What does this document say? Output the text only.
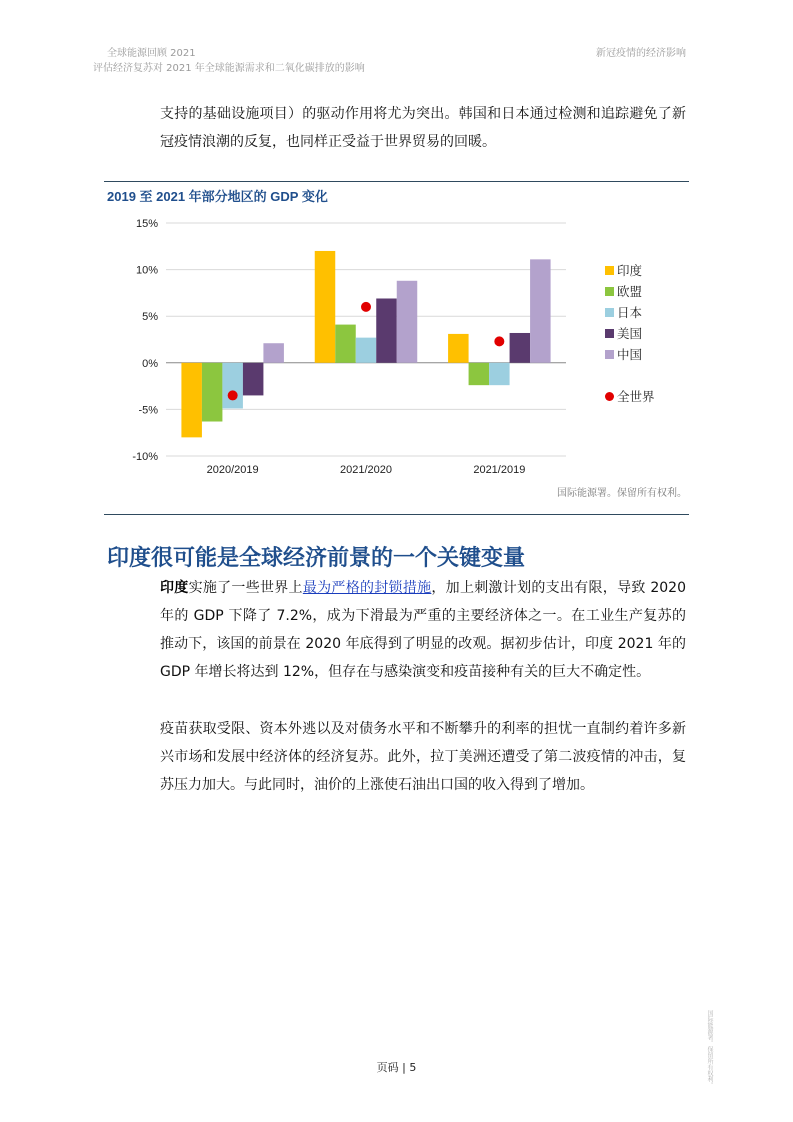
全球能源回顾 2021
评估经济复苏对 2021 年全球能源需求和二氧化碳排放的影响
新冠疫情的经济影响

支持的基础设施项目）的驱动作用将尤为突出。韩国和日本通过检测和追踪避免了新冠疫情浪潮的反复，也同样正受益于世界贸易的回暖。

2019 至 2021 年部分地区的 GDP 变化
15%
10%
5%
0%
-5%
-10%
2020/2019	2021/2020	2021/2019
印度
欧盟
日本
美国
中国
全世界
国际能源署。保留所有权利。
印度很可能是全球经济前景的一个关键变量

印度实施了一些世界上最为严格的封锁措施，加上刺激计划的支出有限，导致 2020 年的 GDP 下降了 7.2%，成为下滑最为严重的主要经济体之一。在工业生产复苏的推动下，该国的前景在 2020 年底得到了明显的改观。据初步估计，印度 2021 年的 GDP 年增长将达到 12%，但存在与感染演变和疫苗接种有关的巨大不确定性。

疫苗获取受限、资本外逃以及对债务水平和不断攀升的利率的担忧一直制约着许多新兴市场和发展中经济体的经济复苏。此外，拉丁美洲还遭受了第二波疫情的冲击，复苏压力加大。与此同时，油价的上涨使石油出口国的收入得到了增加。

页码 | 5	国际能源署。保留所有权利。
